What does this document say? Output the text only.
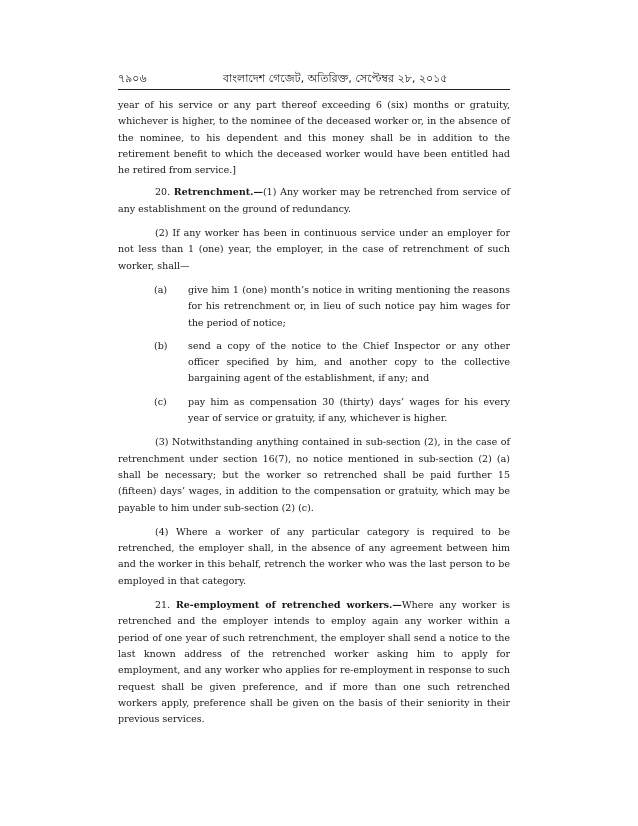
৭৯০৬	বাংলাদেশ গেজেট, অতিরিক্ত, সেপ্টেম্বর ২৮, ২০১৫

year of his service or any part thereof exceeding 6 (six) months or gratuity, whichever is higher, to the nominee of the deceased worker or, in the absence of the nominee, to his dependent and this money shall be in addition to the retirement benefit to which the deceased worker would have been entitled had he retired from service.]

20. Retrenchment.—(1) Any worker may be retrenched from service of any establishment on the ground of redundancy.

(2) If any worker has been in continuous service under an employer for not less than 1 (one) year, the employer, in the case of retrenchment of such worker, shall—

(a)	give him 1 (one) month’s notice in writing mentioning the reasons for his retrenchment or, in lieu of such notice pay him wages for the period of notice;
(b)	send a copy of the notice to the Chief Inspector or any other officer specified by him, and another copy to the collective bargaining agent of the establishment, if any; and
(c)	pay him as compensation 30 (thirty) days’ wages for his every year of service or gratuity, if any, whichever is higher.

(3) Notwithstanding anything contained in sub-section (2), in the case of retrenchment under section 16(7), no notice mentioned in sub-section (2) (a) shall be necessary; but the worker so retrenched shall be paid further 15 (fifteen) days’ wages, in addition to the compensation or gratuity, which may be payable to him under sub-section (2) (c).

(4) Where a worker of any particular category is required to be retrenched, the employer shall, in the absence of any agreement between him and the worker in this behalf, retrench the worker who was the last person to be employed in that category.

21. Re-employment of retrenched workers.—Where any worker is retrenched and the employer intends to employ again any worker within a period of one year of such retrenchment, the employer shall send a notice to the last known address of the retrenched worker asking him to apply for employment, and any worker who applies for re-employment in response to such request shall be given preference, and if more than one such retrenched workers apply, preference shall be given on the basis of their seniority in their previous services.
